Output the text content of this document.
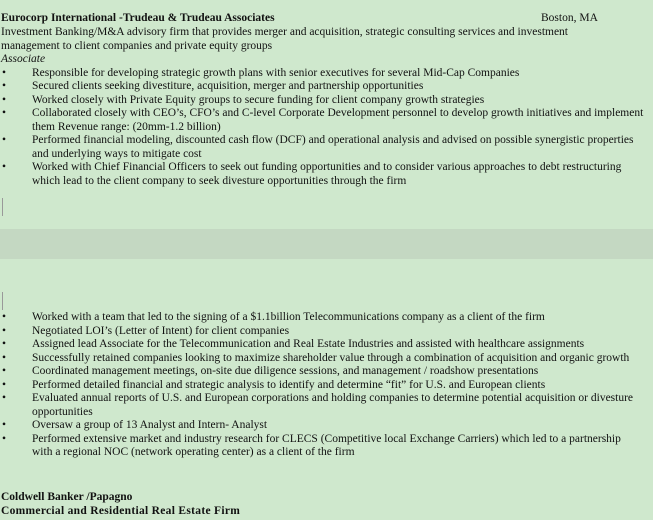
Eurocorp International -Trudeau & Trudeau Associates	Boston, MA
Investment Banking/M&A advisory firm that provides merger and acquisition, strategic consulting services and investment management to client companies and private equity groups
Associate
• Responsible for developing strategic growth plans with senior executives for several Mid-Cap Companies
• Secured clients seeking divestiture, acquisition, merger and partnership opportunities
• Worked closely with Private Equity groups to secure funding for client company growth strategies
• Collaborated closely with CEO’s, CFO’s and C-level Corporate Development personnel to develop growth initiatives and implement them Revenue range: (20mm-1.2 billion)
• Performed financial modeling, discounted cash flow (DCF) and operational analysis and advised on possible synergistic properties and underlying ways to mitigate cost
• Worked with Chief Financial Officers to seek out funding opportunities and to consider various approaches to debt restructuring which lead to the client company to seek divesture opportunities through the firm
• Worked with a team that led to the signing of a $1.1billion Telecommunications company as a client of the firm
• Negotiated LOI’s (Letter of Intent) for client companies
• Assigned lead Associate for the Telecommunication and Real Estate Industries and assisted with healthcare assignments
• Successfully retained companies looking to maximize shareholder value through a combination of acquisition and organic growth
• Coordinated management meetings, on-site due diligence sessions, and management / roadshow presentations
• Performed detailed financial and strategic analysis to identify and determine “fit” for U.S. and European clients
• Evaluated annual reports of U.S. and European corporations and holding companies to determine potential acquisition or divesture opportunities
• Oversaw a group of 13 Analyst and Intern- Analyst
• Performed extensive market and industry research for CLECS (Competitive local Exchange Carriers) which led to a partnership with a regional NOC (network operating center) as a client of the firm
Coldwell Banker /Papagno
Commercial and Residential Real Estate Firm
